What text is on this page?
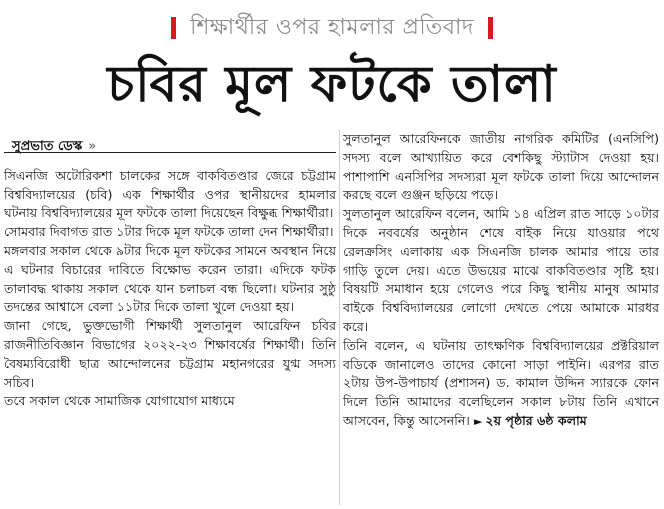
শিক্ষার্থীর ওপর হামলার প্রতিবাদ
চবির মূল ফটকে তালা
সুপ্রভাত ডেস্ক »

সিএনজি অটোরিকশা চালকের সঙ্গে বাকবিতণ্ডার জেরে চট্টগ্রাম বিশ্ববিদ্যালয়ের (চবি) এক শিক্ষার্থীর ওপর স্থানীয়দের হামলার ঘটনায় বিশ্ববিদ্যালয়ের মূল ফটকে তালা দিয়েছেন বিক্ষুব্ধ শিক্ষার্থীরা।

সোমবার দিবাগত রাত ১টার দিকে মূল ফটকে তালা দেন শিক্ষার্থীরা।

মঙ্গলবার সকাল থেকে ৯টার দিকে মূল ফটকের সামনে অবস্থান নিয়ে এ ঘটনার বিচারের দাবিতে বিক্ষোভ করেন তারা। এদিকে ফটক তালাবদ্ধ থাকায় সকাল থেকে যান চলাচল বন্ধ ছিলো। ঘটনার সুষ্ঠু তদন্তের আশ্বাসে বেলা ১১টার দিকে তালা খুলে দেওয়া হয়।

জানা গেছে, ভুক্তভোগী শিক্ষার্থী সুলতানুল আরেফিন চবির রাজনীতিবিজ্ঞান বিভাগের ২০২২-২৩ শিক্ষাবর্ষের শিক্ষার্থী। তিনি বৈষম্যবিরোধী ছাত্র আন্দোলনের চট্টগ্রাম মহানগরের যুগ্ম সদস্য সচিব।

তবে সকাল থেকে সামাজিক যোগাযোগ মাধ্যমে

সুলতানুল আরেফিনকে জাতীয় নাগরিক কমিটির (এনসিপি) সদস্য বলে আখ্যায়িত করে বেশকিছু স্ট্যাটাস দেওয়া হয়। পাশাপাশি এনসিপির সদস্যরা মূল ফটকে তালা দিয়ে আন্দোলন করছে বলে গুঞ্জন ছড়িয়ে পড়ে।

সুলতানুল আরেফিন বলেন, আমি ১৪ এপ্রিল রাত সাড়ে ১০টার দিকে নববর্ষের অনুষ্ঠান শেষে বাইক নিয়ে যাওয়ার পথে রেলক্রসিং এলাকায় এক সিএনজি চালক আমার পায়ে তার গাড়ি তুলে দেয়। এতে উভয়ের মাঝে বাকবিতণ্ডার সৃষ্টি হয়। বিষয়টি সমাধান হয়ে গেলেও পরে কিছু স্থানীয় মানুষ আমার বাইকে বিশ্ববিদ্যালয়ের লোগো দেখতে পেয়ে আমাকে মারধর করে।

তিনি বলেন, এ ঘটনায় তাৎক্ষণিক বিশ্ববিদ্যালয়ের প্রক্টরিয়াল বডিকে জানালেও তাদের কোনো সাড়া পাইনি। এরপর রাত ২টায় উপ-উপাচার্য (প্রশাসন) ড. কামাল উদ্দিন স্যারকে ফোন দিলে তিনি আমাদের বলেছিলেন সকাল ৮টায় তিনি এখানে আসবেন, কিন্তু আসেননি। ► ২য় পৃষ্ঠার ৬ষ্ঠ কলাম
